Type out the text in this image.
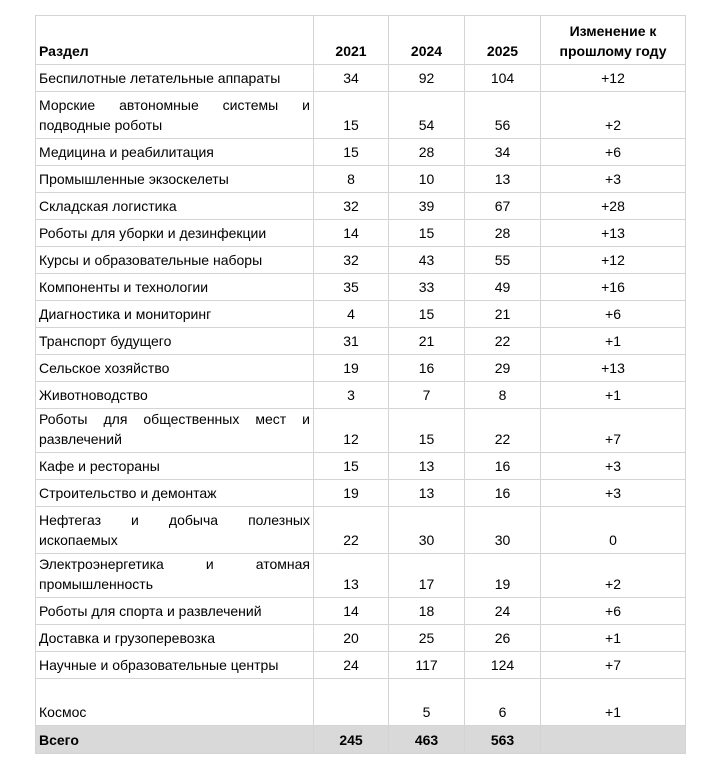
Раздел	2021	2024	2025	Изменение к прошлому году
Беспилотные летательные аппараты	34	92	104	+12
Морские автономные системы и подводные роботы	15	54	56	+2
Медицина и реабилитация	15	28	34	+6
Промышленные экзоскелеты	8	10	13	+3
Складская логистика	32	39	67	+28
Роботы для уборки и дезинфекции	14	15	28	+13
Курсы и образовательные наборы	32	43	55	+12
Компоненты и технологии	35	33	49	+16
Диагностика и мониторинг	4	15	21	+6
Транспорт будущего	31	21	22	+1
Сельское хозяйство	19	16	29	+13
Животноводство	3	7	8	+1
Роботы для общественных мест и развлечений	12	15	22	+7
Кафе и рестораны	15	13	16	+3
Строительство и демонтаж	19	13	16	+3
Нефтегаз и добыча полезных ископаемых	22	30	30	0
Электроэнергетика и атомная промышленность	13	17	19	+2
Роботы для спорта и развлечений	14	18	24	+6
Доставка и грузоперевозка	20	25	26	+1
Научные и образовательные центры	24	117	124	+7
Космос		5	6	+1
Всего	245	463	563	
